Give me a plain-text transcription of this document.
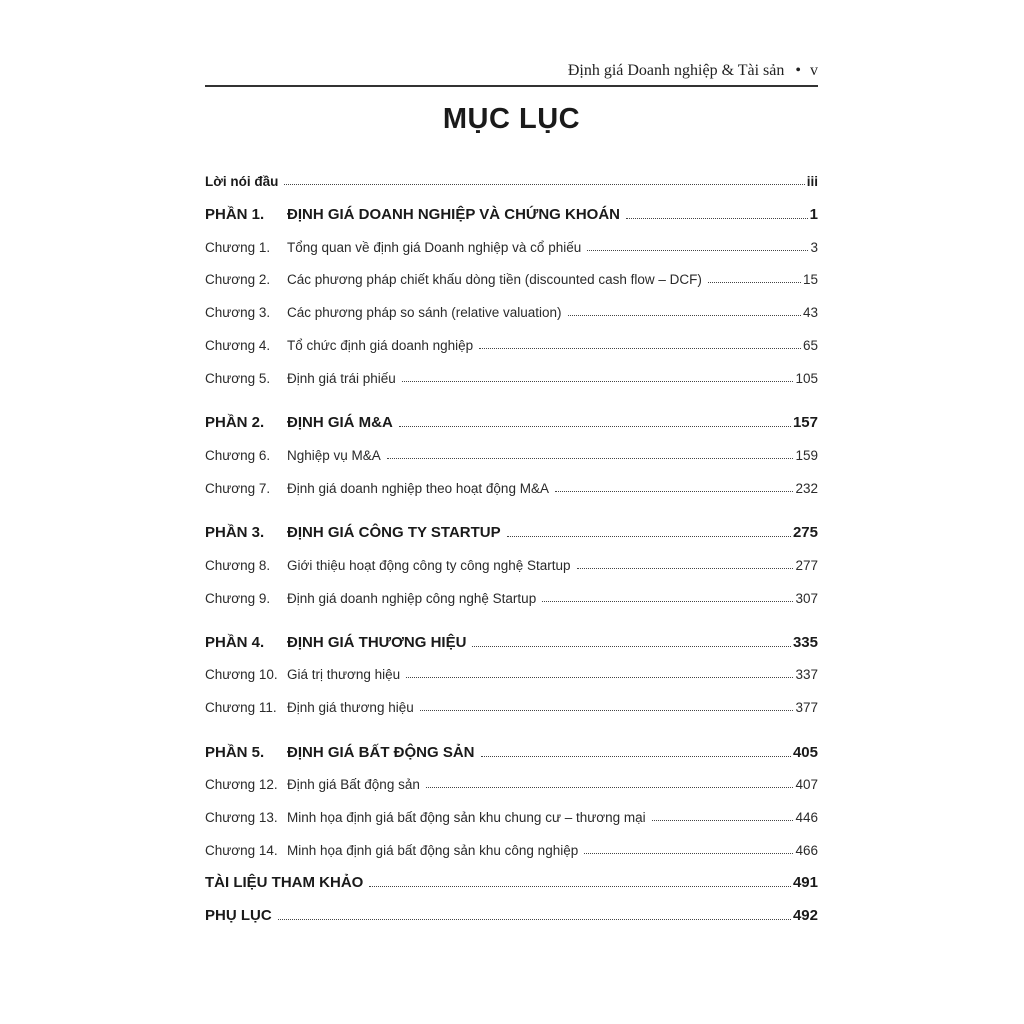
Định giá Doanh nghiệp & Tài sản • v
MỤC LỤC
Lời nói đầu	iii
PHẦN 1.	ĐỊNH GIÁ DOANH NGHIỆP VÀ CHỨNG KHOÁN	1
Chương 1.	Tổng quan về định giá Doanh nghiệp và cổ phiếu	3
Chương 2.	Các phương pháp chiết khấu dòng tiền (discounted cash flow – DCF)	15
Chương 3.	Các phương pháp so sánh (relative valuation)	43
Chương 4.	Tổ chức định giá doanh nghiệp	65
Chương 5.	Định giá trái phiếu	105
PHẦN 2.	ĐỊNH GIÁ M&A	157
Chương 6.	Nghiệp vụ M&A	159
Chương 7.	Định giá doanh nghiệp theo hoạt động M&A	232
PHẦN 3.	ĐỊNH GIÁ CÔNG TY STARTUP	275
Chương 8.	Giới thiệu hoạt động công ty công nghệ Startup	277
Chương 9.	Định giá doanh nghiệp công nghệ Startup	307
PHẦN 4.	ĐỊNH GIÁ THƯƠNG HIỆU	335
Chương 10. Giá trị thương hiệu	337
Chương 11. Định giá thương hiệu	377
PHẦN 5.	ĐỊNH GIÁ BẤT ĐỘNG SẢN	405
Chương 12. Định giá Bất động sản	407
Chương 13. Minh họa định giá bất động sản khu chung cư – thương mại	446
Chương 14. Minh họa định giá bất động sản khu công nghiệp	466
TÀI LIỆU THAM KHẢO	491
PHỤ LỤC	492
